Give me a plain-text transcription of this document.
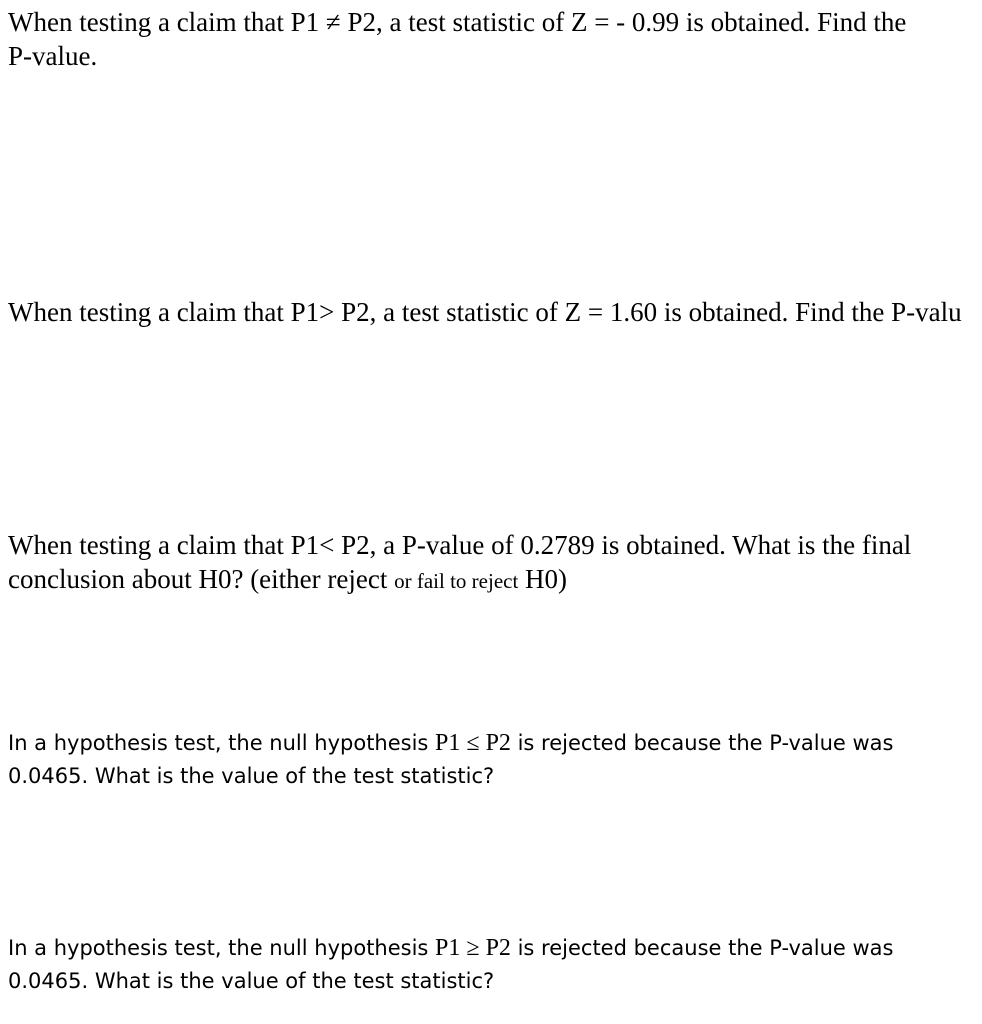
When testing a claim that P1 ≠ P2, a test statistic of Z = - 0.99 is obtained. Find the
P-value.
When testing a claim that P1> P2, a test statistic of Z = 1.60 is obtained. Find the P-valu
When testing a claim that P1< P2, a P-value of 0.2789 is obtained. What is the final
conclusion about H0? (either reject or fail to reject H0)
In a hypothesis test, the null hypothesis P1 ≤ P2 is rejected because the P-value was
0.0465. What is the value of the test statistic?
In a hypothesis test, the null hypothesis P1 ≥ P2 is rejected because the P-value was
0.0465. What is the value of the test statistic?
